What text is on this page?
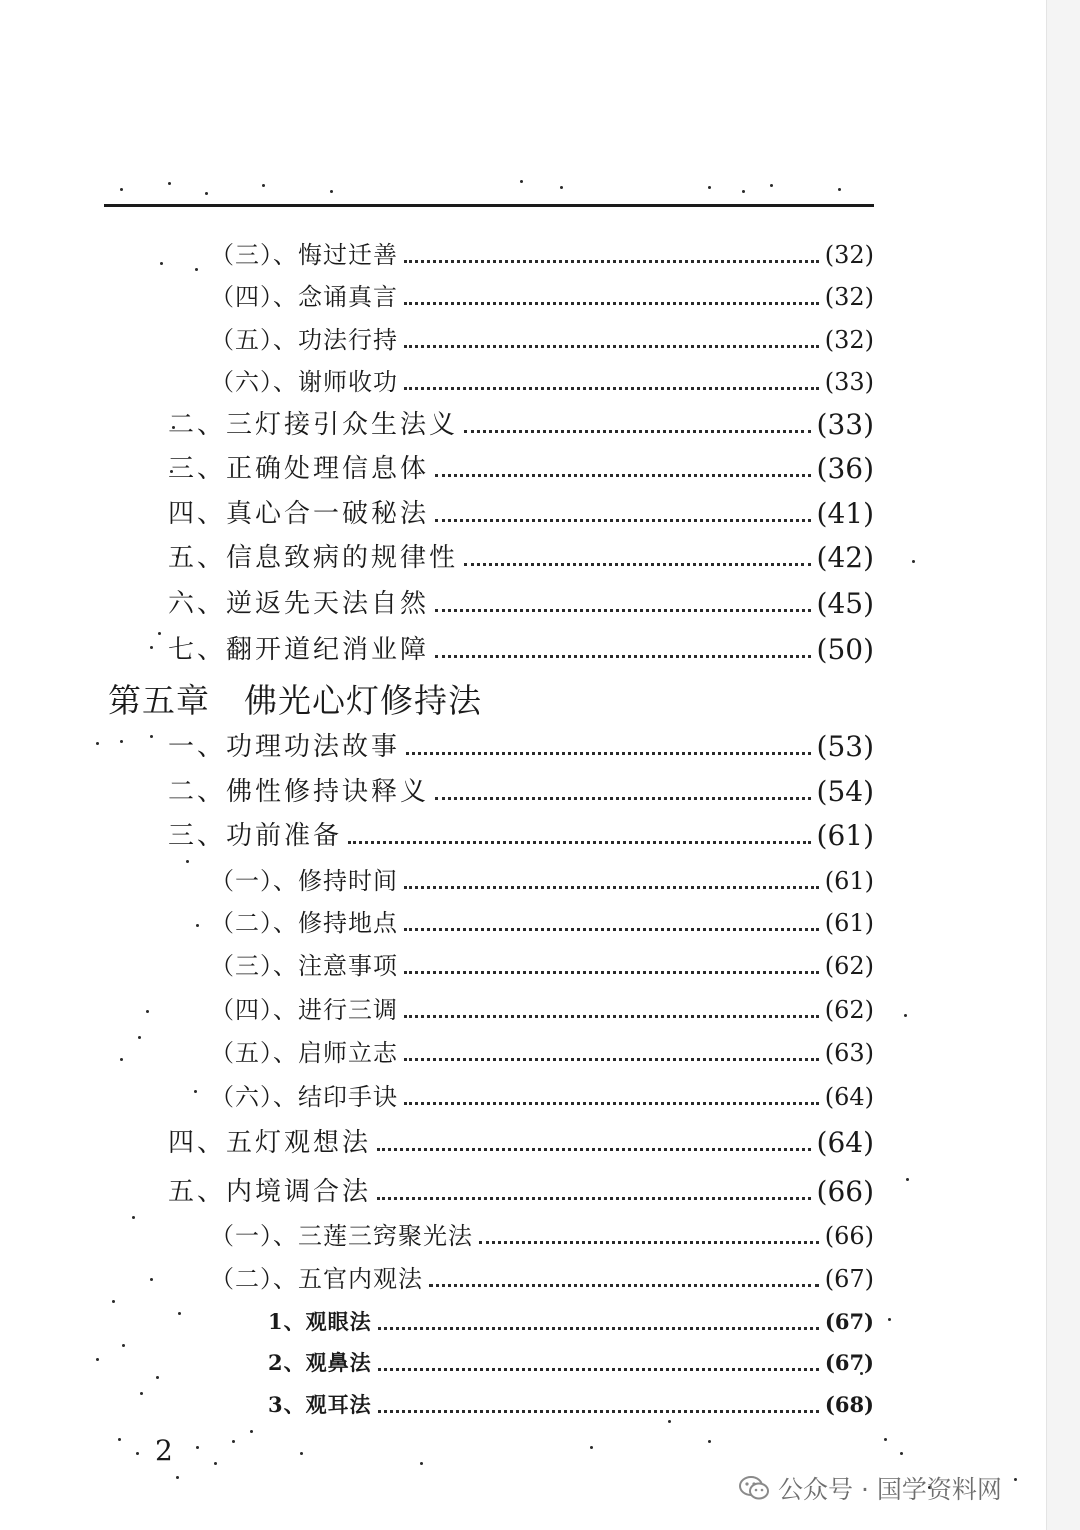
（三）、悔过迁善	(32)
（四）、念诵真言	(32)
（五）、功法行持	(32)
（六）、谢师收功	(33)
二、三灯接引众生法义	(33)
三、正确处理信息体	(36)
四、真心合一破秘法	(41)
五、信息致病的规律性	(42)
六、逆返先天法自然	(45)
七、翻开道纪消业障	(50)
第五章　佛光心灯修持法
一、功理功法故事	(53)
二、佛性修持诀释义	(54)
三、功前准备	(61)
（一）、修持时间	(61)
（二）、修持地点	(61)
（三）、注意事项	(62)
（四）、进行三调	(62)
（五）、启师立志	(63)
（六）、结印手诀	(64)
四、五灯观想法	(64)
五、内境调合法	(66)
（一）、三莲三窍聚光法	(66)
（二）、五官内观法	(67)
1、观眼法	(67)
2、观鼻法	(67)
3、观耳法	(68)
2
公众号 · 国学资料网
